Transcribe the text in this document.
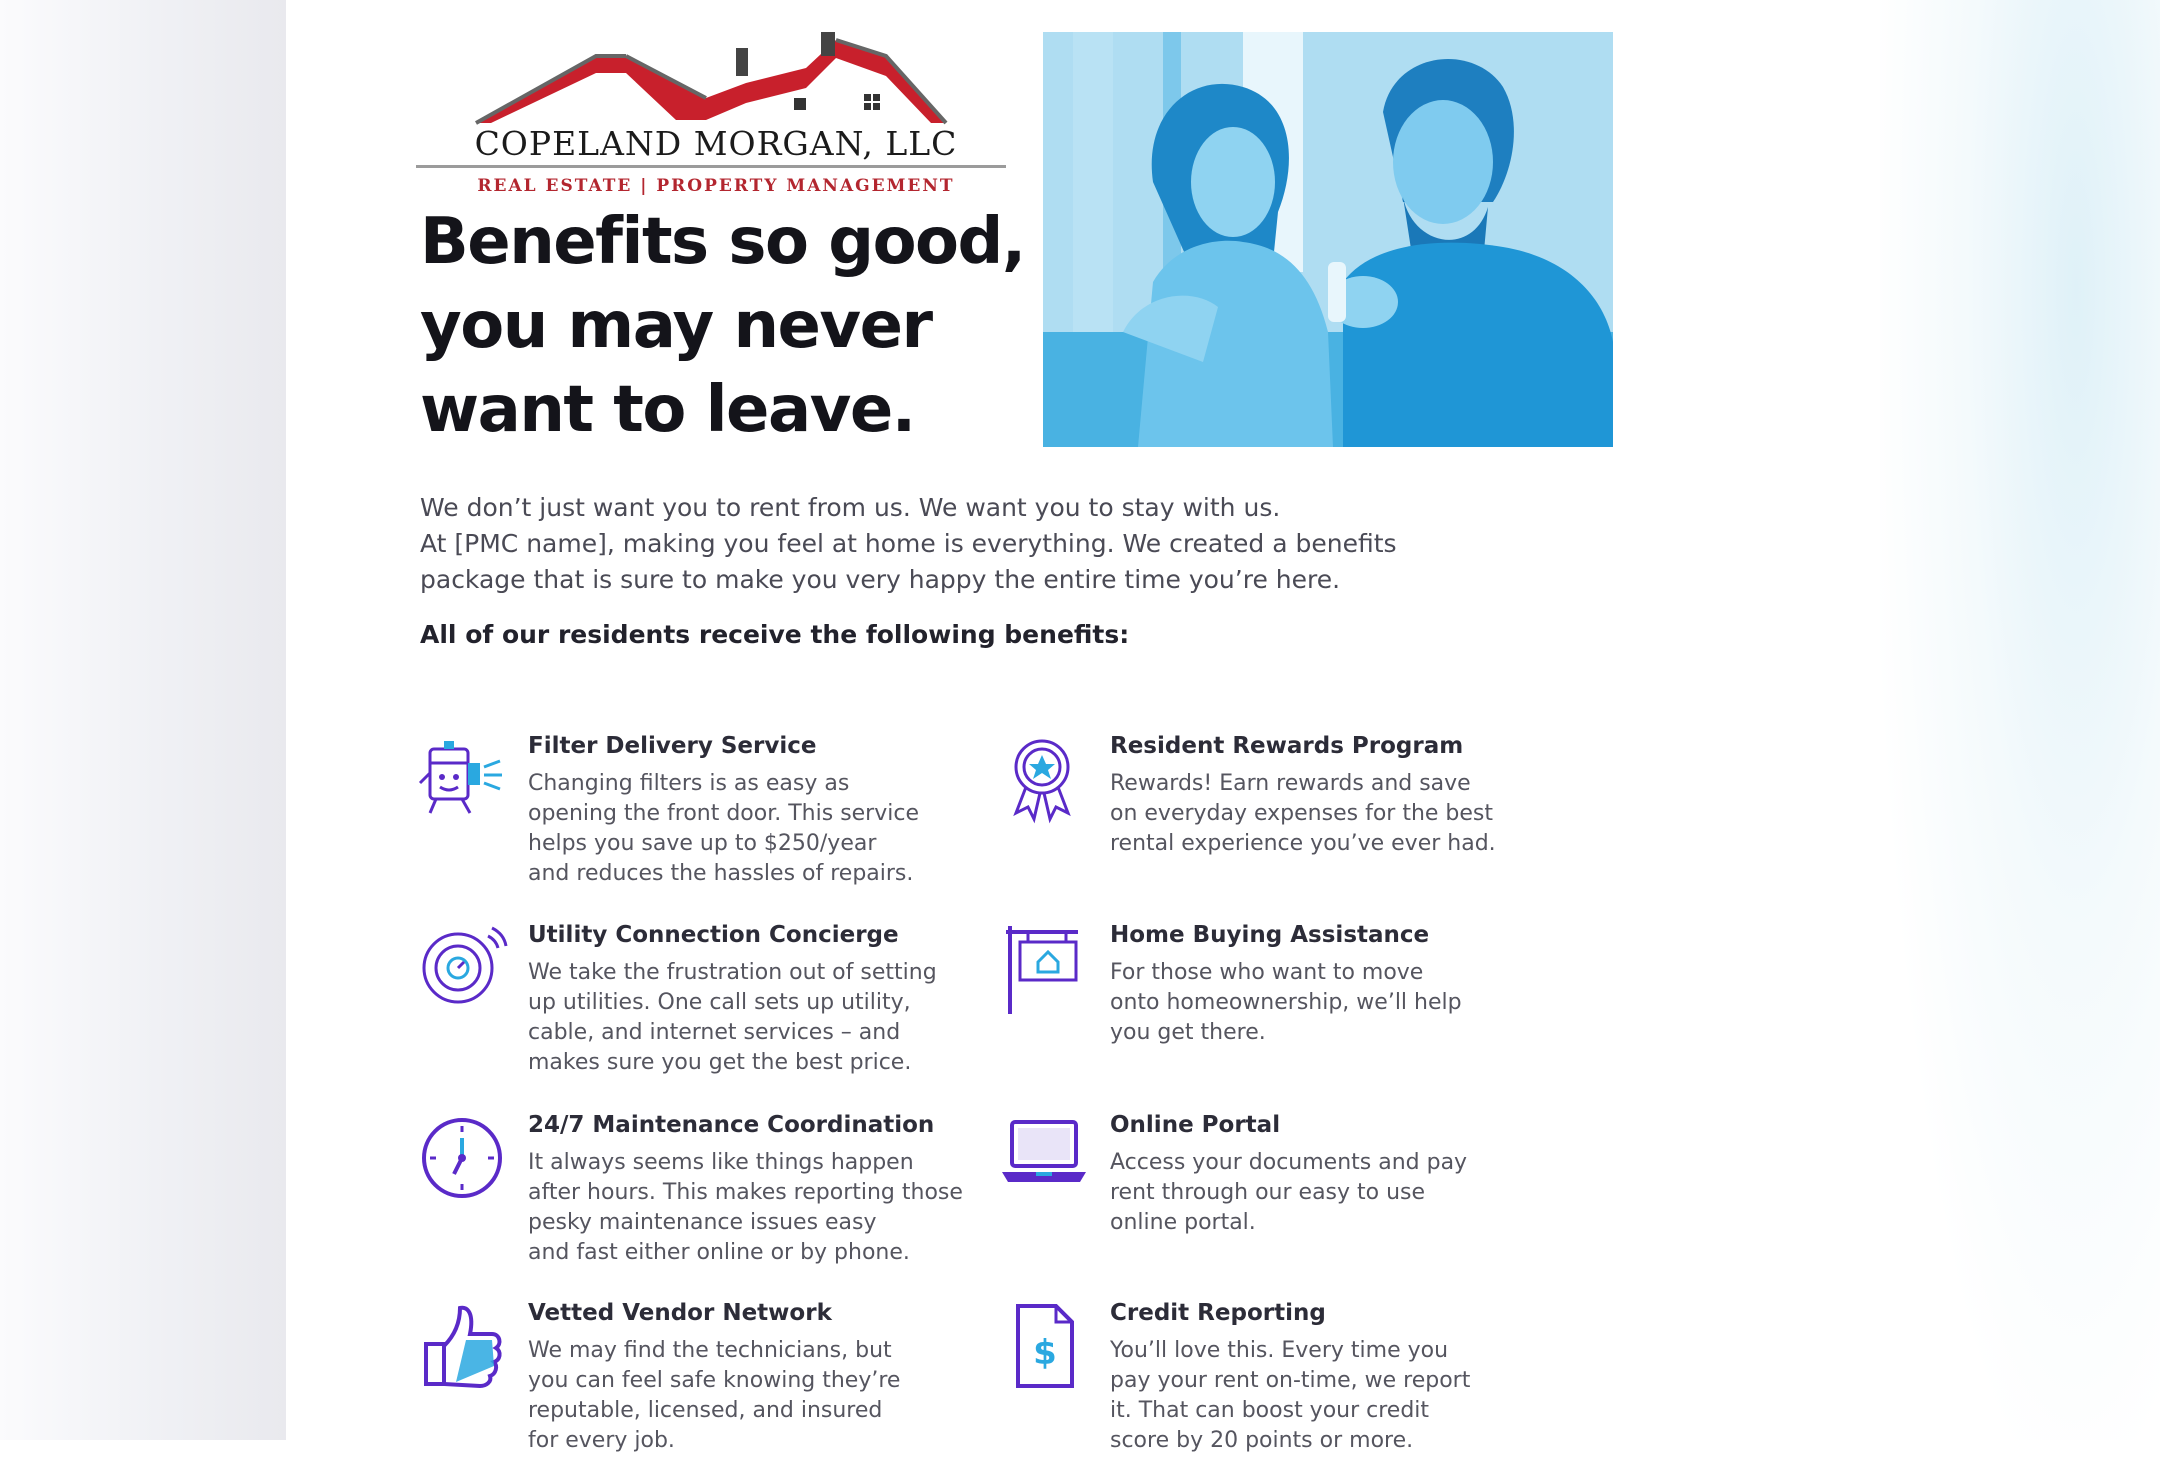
COPELAND MORGAN, LLC
REAL ESTATE | PROPERTY MANAGEMENT
Benefits so good,
you may never
want to leave.
We don’t just want you to rent from us. We want you to stay with us.
At [PMC name], making you feel at home is everything. We created a benefits
package that is sure to make you very happy the entire time you’re here.
All of our residents receive the following benefits:
Filter Delivery Service
Changing filters is as easy as
opening the front door. This service
helps you save up to $250/year
and reduces the hassles of repairs.
Resident Rewards Program
Rewards! Earn rewards and save
on everyday expenses for the best
rental experience you’ve ever had.
Utility Connection Concierge
We take the frustration out of setting
up utilities. One call sets up utility,
cable, and internet services – and
makes sure you get the best price.
Home Buying Assistance
For those who want to move
onto homeownership, we’ll help
you get there.
24/7 Maintenance Coordination
It always seems like things happen
after hours. This makes reporting those
pesky maintenance issues easy
and fast either online or by phone.
Online Portal
Access your documents and pay
rent through our easy to use
online portal.
Vetted Vendor Network
We may find the technicians, but
you can feel safe knowing they’re
reputable, licensed, and insured
for every job.
$
Credit Reporting
You’ll love this. Every time you
pay your rent on-time, we report
it. That can boost your credit
score by 20 points or more.
